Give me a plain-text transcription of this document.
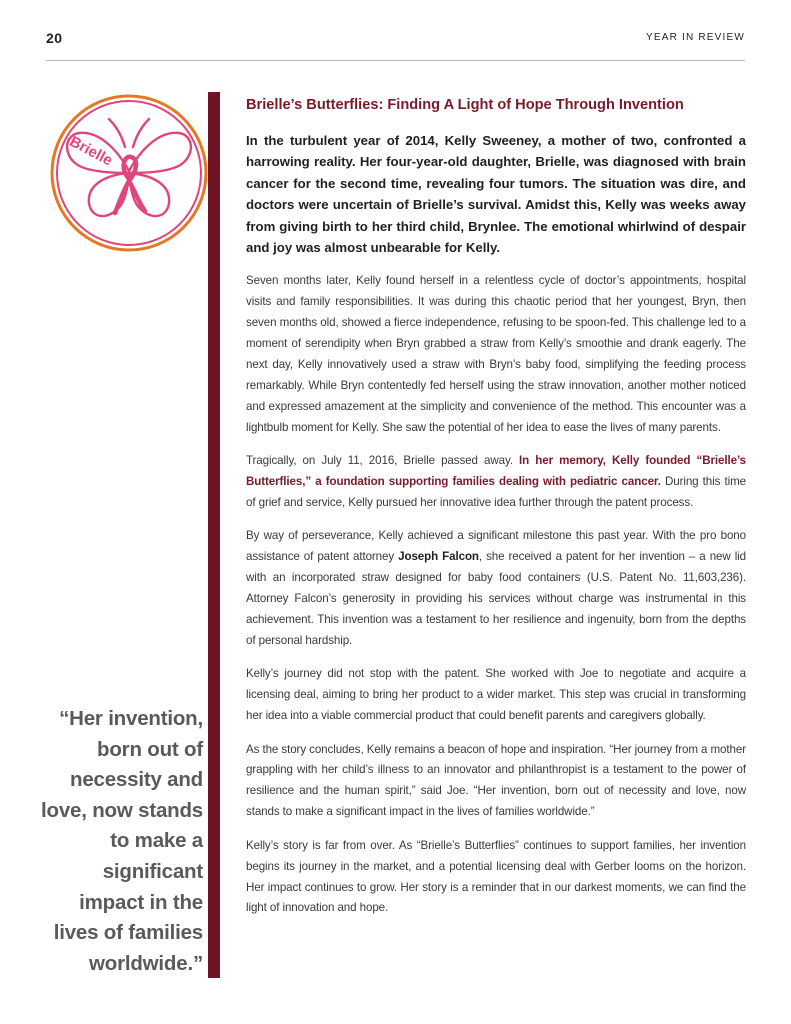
20	YEAR IN REVIEW
Brielle
“Her invention, born out of necessity and love, now stands to make a significant impact in the lives of families worldwide.”
Brielle’s Butterflies: Finding A Light of Hope Through Invention

In the turbulent year of 2014, Kelly Sweeney, a mother of two, confronted a harrowing reality. Her four-year-old daughter, Brielle, was diagnosed with brain cancer for the second time, revealing four tumors. The situation was dire, and doctors were uncertain of Brielle’s survival. Amidst this, Kelly was weeks away from giving birth to her third child, Brynlee. The emotional whirlwind of despair and joy was almost unbearable for Kelly.

Seven months later, Kelly found herself in a relentless cycle of doctor’s appointments, hospital visits and family responsibilities. It was during this chaotic period that her youngest, Bryn, then seven months old, showed a fierce independence, refusing to be spoon-fed. This challenge led to a moment of serendipity when Bryn grabbed a straw from Kelly’s smoothie and drank eagerly. The next day, Kelly innovatively used a straw with Bryn’s baby food, simplifying the feeding process remarkably. While Bryn contentedly fed herself using the straw innovation, another mother noticed and expressed amazement at the simplicity and convenience of the method. This encounter was a lightbulb moment for Kelly. She saw the potential of her idea to ease the lives of many parents.

Tragically, on July 11, 2016, Brielle passed away. In her memory, Kelly founded “Brielle’s Butterflies,” a foundation supporting families dealing with pediatric cancer. During this time of grief and service, Kelly pursued her innovative idea further through the patent process.

By way of perseverance, Kelly achieved a significant milestone this past year. With the pro bono assistance of patent attorney Joseph Falcon, she received a patent for her invention – a new lid with an incorporated straw designed for baby food containers (U.S. Patent No. 11,603,236). Attorney Falcon’s generosity in providing his services without charge was instrumental in this achievement. This invention was a testament to her resilience and ingenuity, born from the depths of personal hardship.

Kelly’s journey did not stop with the patent. She worked with Joe to negotiate and acquire a licensing deal, aiming to bring her product to a wider market. This step was crucial in transforming her idea into a viable commercial product that could benefit parents and caregivers globally.

As the story concludes, Kelly remains a beacon of hope and inspiration. “Her journey from a mother grappling with her child’s illness to an innovator and philanthropist is a testament to the power of resilience and the human spirit,” said Joe. “Her invention, born out of necessity and love, now stands to make a significant impact in the lives of families worldwide.”

Kelly’s story is far from over. As “Brielle’s Butterflies” continues to support families, her invention begins its journey in the market, and a potential licensing deal with Gerber looms on the horizon. Her impact continues to grow. Her story is a reminder that in our darkest moments, we can find the light of innovation and hope.
